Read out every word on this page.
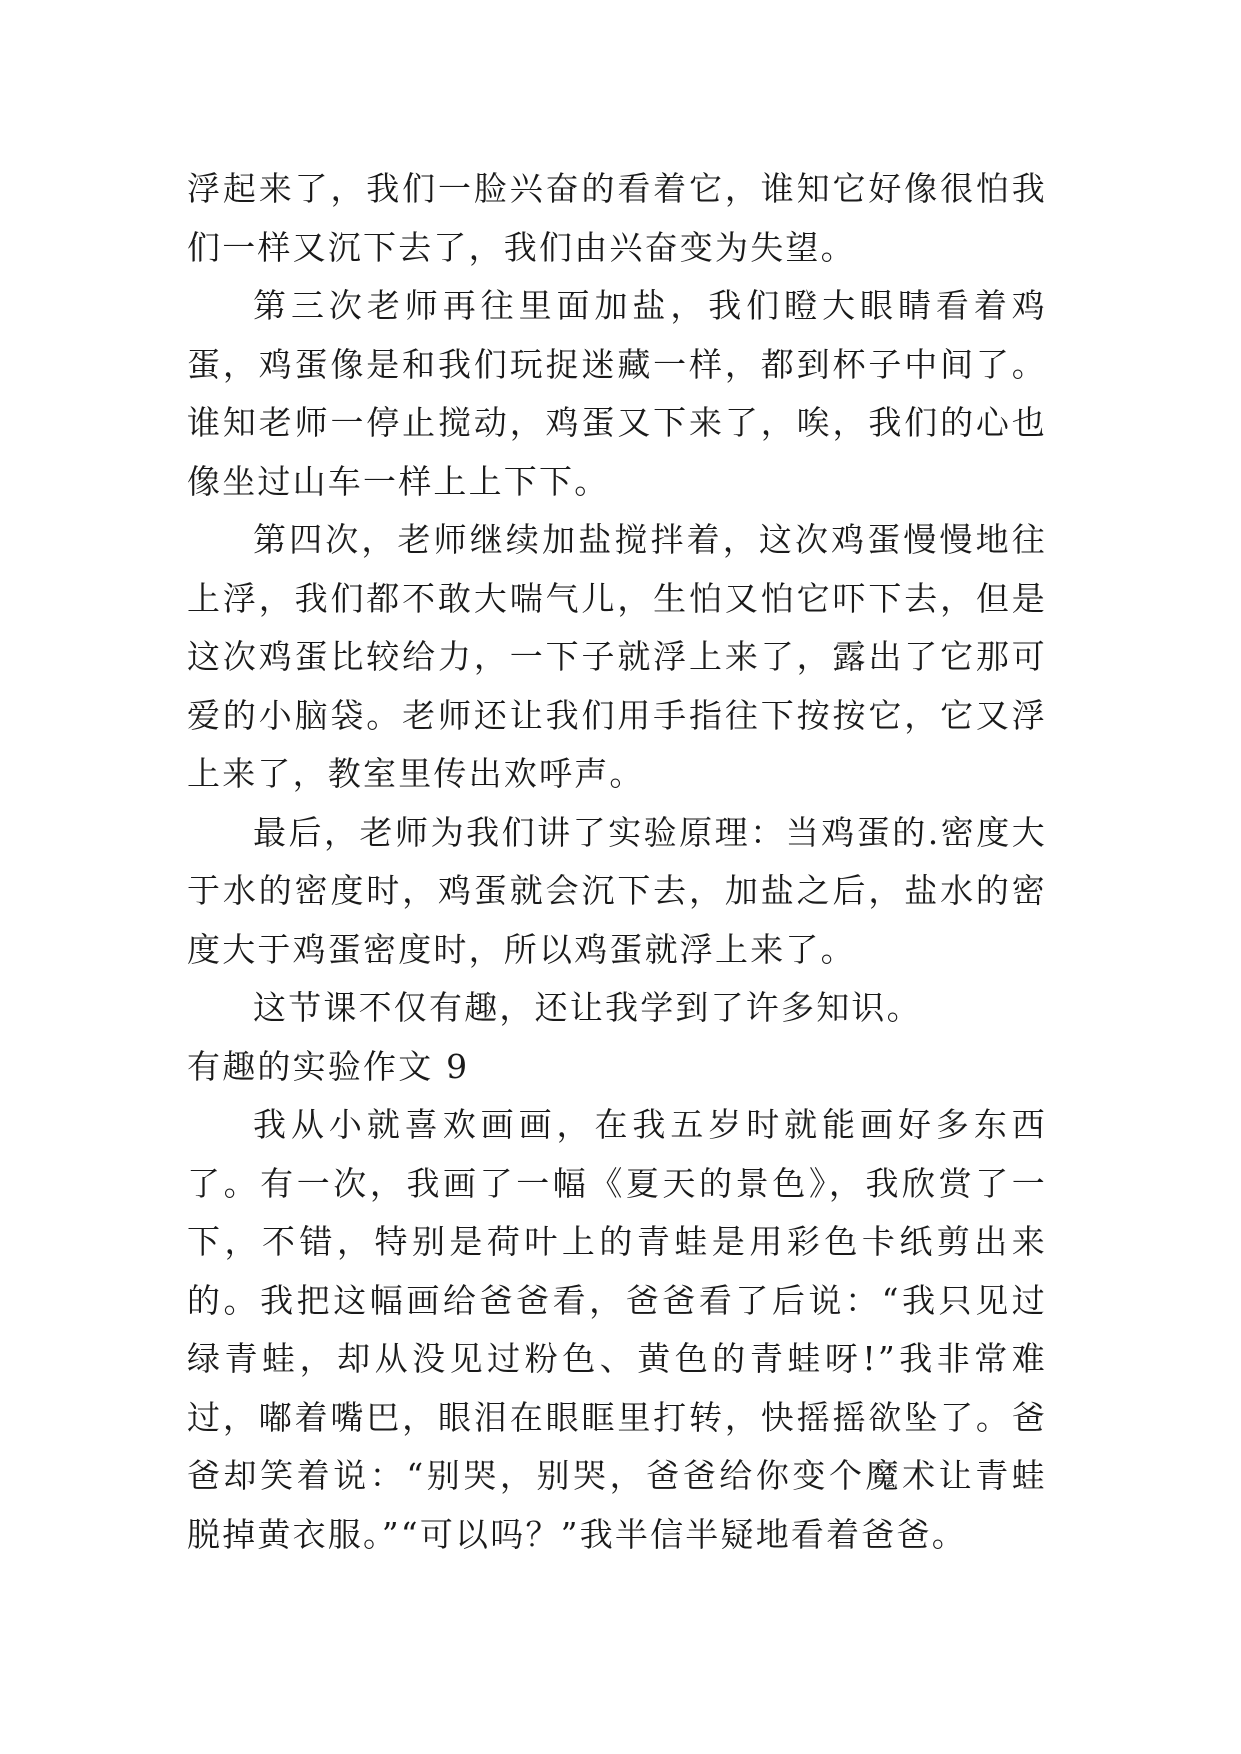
浮起来了，我们一脸兴奋的看着它，谁知它好像很怕我们一样又沉下去了，我们由兴奋变为失望。

第三次老师再往里面加盐，我们瞪大眼睛看着鸡蛋，鸡蛋像是和我们玩捉迷藏一样，都到杯子中间了。谁知老师一停止搅动，鸡蛋又下来了，唉，我们的心也像坐过山车一样上上下下。

第四次，老师继续加盐搅拌着，这次鸡蛋慢慢地往上浮，我们都不敢大喘气儿，生怕又怕它吓下去，但是这次鸡蛋比较给力，一下子就浮上来了，露出了它那可爱的小脑袋。老师还让我们用手指往下按按它，它又浮上来了，教室里传出欢呼声。

最后，老师为我们讲了实验原理：当鸡蛋的.密度大于水的密度时，鸡蛋就会沉下去，加盐之后，盐水的密度大于鸡蛋密度时，所以鸡蛋就浮上来了。

这节课不仅有趣，还让我学到了许多知识。

有趣的实验作文 9

我从小就喜欢画画，在我五岁时就能画好多东西了。有一次，我画了一幅《夏天的景色》，我欣赏了一下，不错，特别是荷叶上的青蛙是用彩色卡纸剪出来的。我把这幅画给爸爸看，爸爸看了后说：“我只见过绿青蛙，却从没见过粉色、黄色的青蛙呀!”我非常难过，嘟着嘴巴，眼泪在眼眶里打转，快摇摇欲坠了。爸爸却笑着说：“别哭，别哭，爸爸给你变个魔术让青蛙脱掉黄衣服。”“可以吗？”我半信半疑地看着爸爸。
